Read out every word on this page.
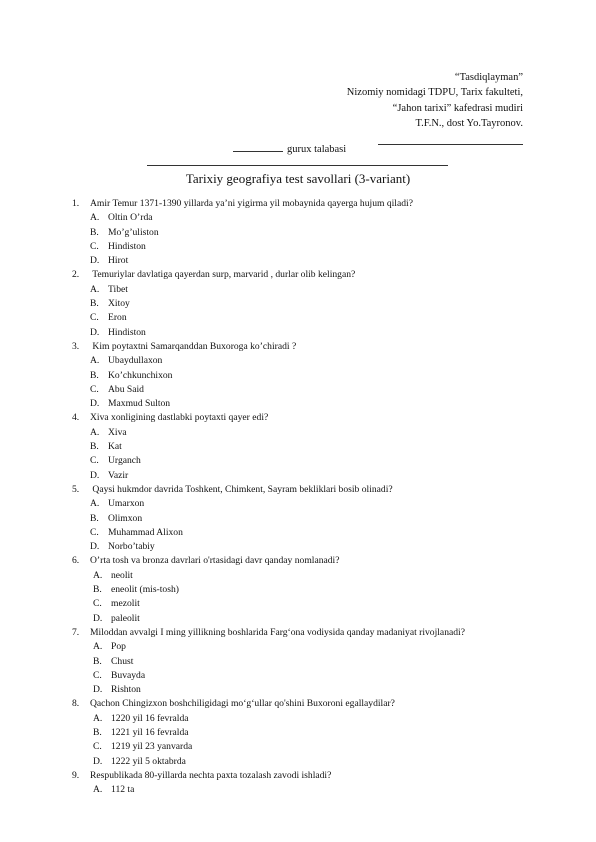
“Tasdiqlayman”
Nizomiy nomidagi TDPU, Tarix fakulteti,
“Jahon tarixi” kafedrasi mudiri
T.F.N., dost Yo.Tayronov.
gurux talabasi
Tarixiy geografiya test savollari (3-variant)
1. Amir Temur 1371-1390 yillarda ya’ni yigirma yil mobaynida qayerga hujum qiladi?
A. Oltin O’rda
B. Mo’g’uliston
C. Hindiston
D. Hirot
2. Temuriylar davlatiga qayerdan surp, marvarid , durlar olib kelingan?
A. Tibet
B. Xitoy
C. Eron
D. Hindiston
3. Kim poytaxtni Samarqanddan Buxoroga ko’chiradi ?
A. Ubaydullaxon
B. Ko’chkunchixon
C. Abu Said
D. Maxmud Sulton
4. Xiva xonligining dastlabki poytaxti qayer edi?
A. Xiva
B. Kat
C. Urganch
D. Vazir
5. Qaysi hukmdor davrida Toshkent, Chimkent, Sayram bekliklari bosib olinadi?
A. Umarxon
B. Olimxon
C. Muhammad Alixon
D. Norbo’tabiy
6. O’rta tosh va bronza davrlari o'rtasidagi davr qanday nomlanadi?
A. neolit
B. eneolit (mis-tosh)
C. mezolit
D. paleolit
7. Miloddan avvalgi I ming yillikning boshlarida Farg‘ona vodiysida qanday madaniyat rivojlanadi?
A. Pop
B. Chust
C. Buvayda
D. Rishton
8. Qachon Chingizxon boshchiligidagi mo‘g‘ullar qo'shini Buxoroni egallaydilar?
A. 1220 yil 16 fevralda
B. 1221 yil 16 fevralda
C. 1219 yil 23 yanvarda
D. 1222 yil 5 oktabrda
9. Respublikada 80-yillarda nechta paxta tozalash zavodi ishladi?
A. 112 ta
